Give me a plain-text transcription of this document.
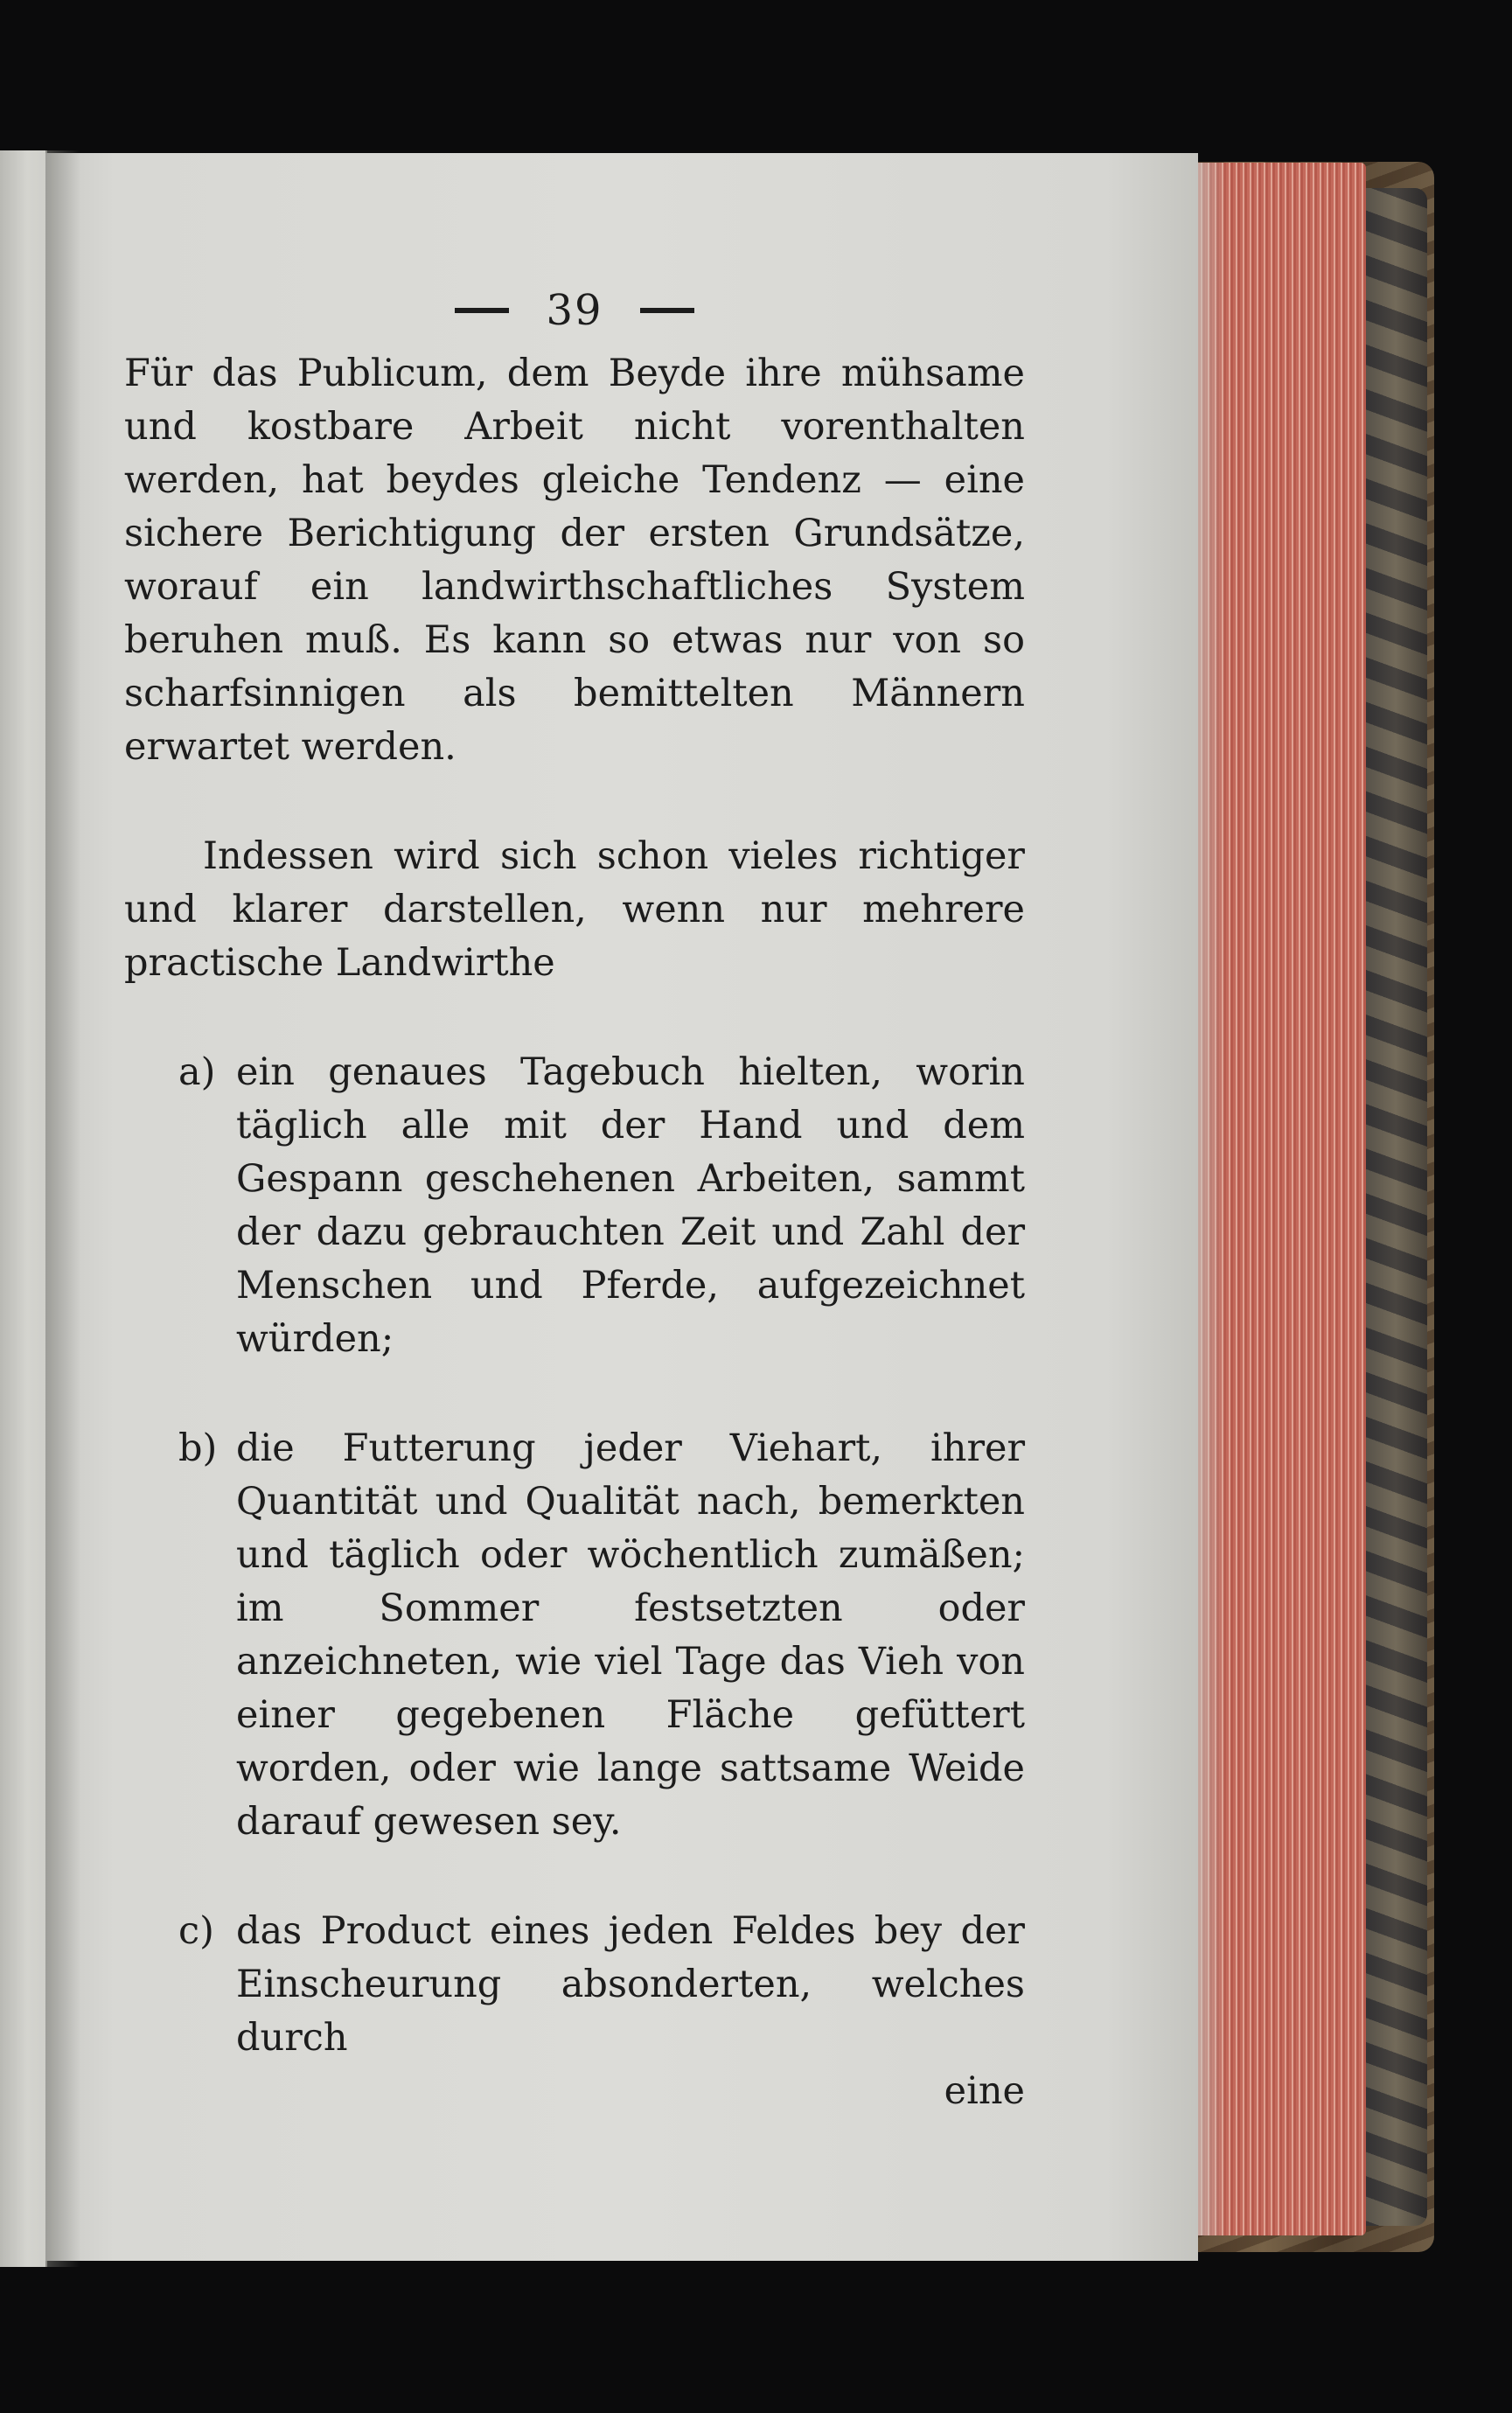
39
Für das Publicum, dem Beyde ihre mühsame und kostbare Arbeit nicht vorenthalten werden, hat beydes gleiche Tendenz — eine sichere Berichtigung der ersten Grundsätze, worauf ein landwirthschaftliches System beruhen muß. Es kann so etwas nur von so scharfsinnigen als bemittelten Männern erwartet werden.
Indessen wird sich schon vieles richtiger und klarer darstellen, wenn nur mehrere practische Landwirthe
a) ein genaues Tagebuch hielten, worin täglich alle mit der Hand und dem Gespann geschehenen Arbeiten, sammt der dazu gebrauchten Zeit und Zahl der Menschen und Pferde, aufgezeichnet würden;
b) die Futterung jeder Viehart, ihrer Quantität und Qualität nach, bemerkten und täglich oder wöchentlich zumäßen; im Sommer festsetzten oder anzeichneten, wie viel Tage das Vieh von einer gegebenen Fläche gefüttert worden, oder wie lange sattsame Weide darauf gewesen sey.
c) das Product eines jeden Feldes bey der Einscheurung absonderten, welches durch
eine
